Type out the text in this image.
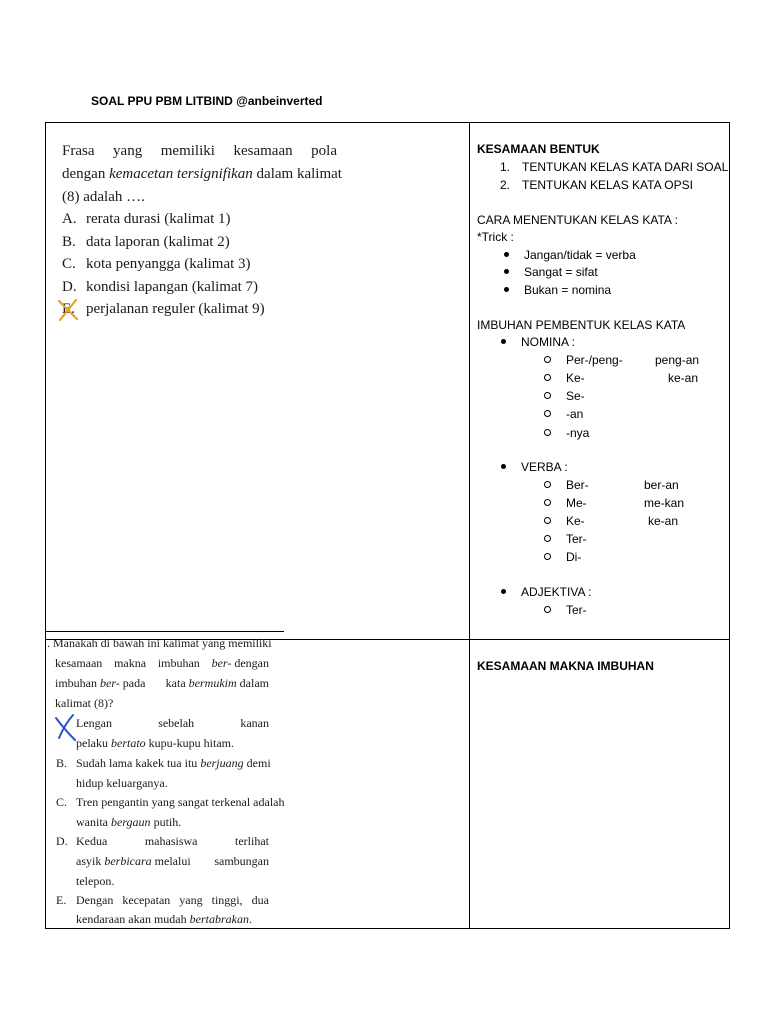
SOAL PPU PBM LITBIND @anbeinverted
Frasa yang memiliki kesamaan pola
dengan kemacetan tersignifikan dalam kalimat
(8) adalah ….
A. rerata durasi (kalimat 1)
B. data laporan (kalimat 2)
C. kota penyangga (kalimat 3)
D. kondisi lapangan (kalimat 7)
E. perjalanan reguler (kalimat 9)
KESAMAAN BENTUK
1. TENTUKAN KELAS KATA DARI SOAL
2. TENTUKAN KELAS KATA OPSI
CARA MENENTUKAN KELAS KATA :
*Trick :
Jangan/tidak = verba
Sangat = sifat
Bukan = nomina
IMBUHAN PEMBENTUK KELAS KATA
NOMINA :
Per-/peng-	peng-an
Ke-	ke-an
Se-
-an
-nya
VERBA :
Ber-	ber-an
Me-	me-kan
Ke-	ke-an
Ter-
Di-
ADJEKTIVA :
Ter-
. Manakah di bawah ini kalimat yang memiliki
kesamaan makna imbuhan ber- dengan
imbuhan ber- pada kata bermukim dalam
kalimat (8)?
Lengan	sebelah	kanan
pelaku bertato kupu-kupu hitam.
B. Sudah lama kakek tua itu berjuang demi
hidup keluarganya.
C. Tren pengantin yang sangat terkenal adalah
wanita bergaun putih.
D. Kedua	mahasiswa	terlihat
asyik berbicara melalui sambungan
telepon.
E. Dengan kecepatan yang tinggi, dua
kendaraan akan mudah bertabrakan.
KESAMAAN MAKNA IMBUHAN
